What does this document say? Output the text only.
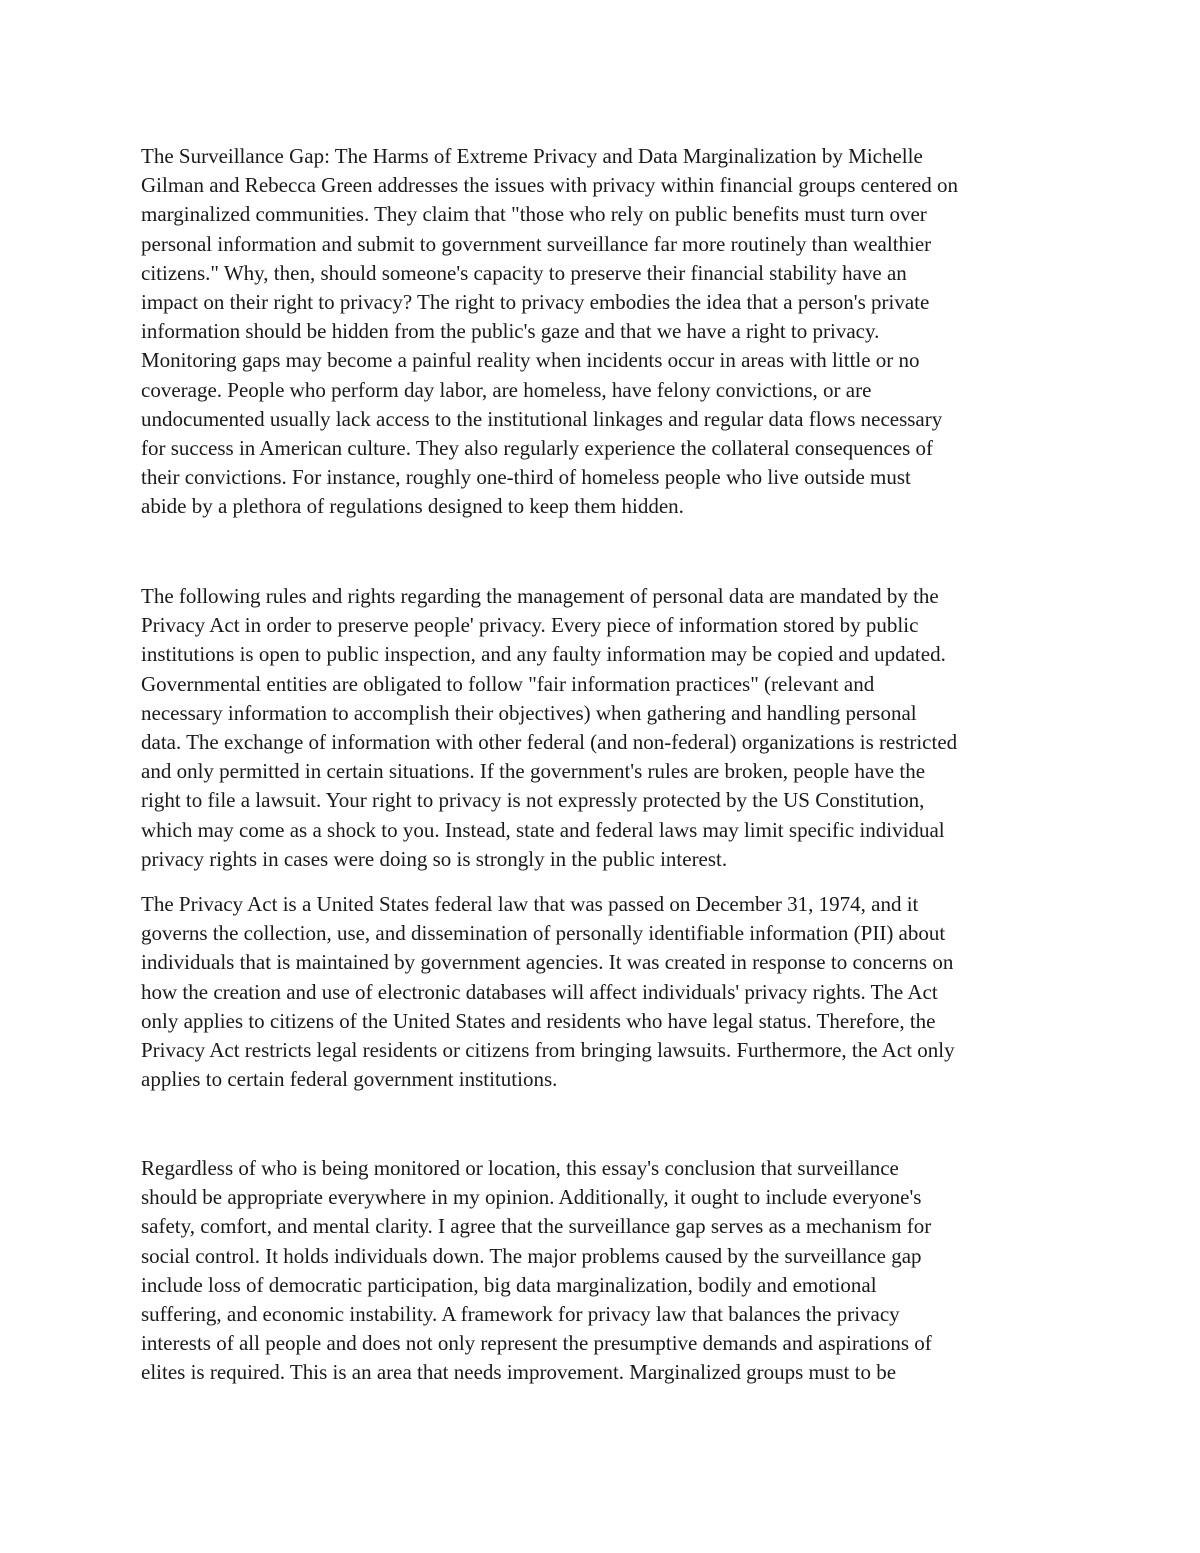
The Surveillance Gap: The Harms of Extreme Privacy and Data Marginalization by Michelle
Gilman and Rebecca Green addresses the issues with privacy within financial groups centered on
marginalized communities. They claim that "those who rely on public benefits must turn over
personal information and submit to government surveillance far more routinely than wealthier
citizens." Why, then, should someone's capacity to preserve their financial stability have an
impact on their right to privacy? The right to privacy embodies the idea that a person's private
information should be hidden from the public's gaze and that we have a right to privacy.
Monitoring gaps may become a painful reality when incidents occur in areas with little or no
coverage. People who perform day labor, are homeless, have felony convictions, or are
undocumented usually lack access to the institutional linkages and regular data flows necessary
for success in American culture. They also regularly experience the collateral consequences of
their convictions. For instance, roughly one-third of homeless people who live outside must
abide by a plethora of regulations designed to keep them hidden.

The following rules and rights regarding the management of personal data are mandated by the
Privacy Act in order to preserve people' privacy. Every piece of information stored by public
institutions is open to public inspection, and any faulty information may be copied and updated.
Governmental entities are obligated to follow "fair information practices" (relevant and
necessary information to accomplish their objectives) when gathering and handling personal
data. The exchange of information with other federal (and non-federal) organizations is restricted
and only permitted in certain situations. If the government's rules are broken, people have the
right to file a lawsuit. Your right to privacy is not expressly protected by the US Constitution,
which may come as a shock to you. Instead, state and federal laws may limit specific individual
privacy rights in cases were doing so is strongly in the public interest.

The Privacy Act is a United States federal law that was passed on December 31, 1974, and it
governs the collection, use, and dissemination of personally identifiable information (PII) about
individuals that is maintained by government agencies. It was created in response to concerns on
how the creation and use of electronic databases will affect individuals' privacy rights. The Act
only applies to citizens of the United States and residents who have legal status. Therefore, the
Privacy Act restricts legal residents or citizens from bringing lawsuits. Furthermore, the Act only
applies to certain federal government institutions.

Regardless of who is being monitored or location, this essay's conclusion that surveillance
should be appropriate everywhere in my opinion. Additionally, it ought to include everyone's
safety, comfort, and mental clarity. I agree that the surveillance gap serves as a mechanism for
social control. It holds individuals down. The major problems caused by the surveillance gap
include loss of democratic participation, big data marginalization, bodily and emotional
suffering, and economic instability. A framework for privacy law that balances the privacy
interests of all people and does not only represent the presumptive demands and aspirations of
elites is required. This is an area that needs improvement. Marginalized groups must to be
